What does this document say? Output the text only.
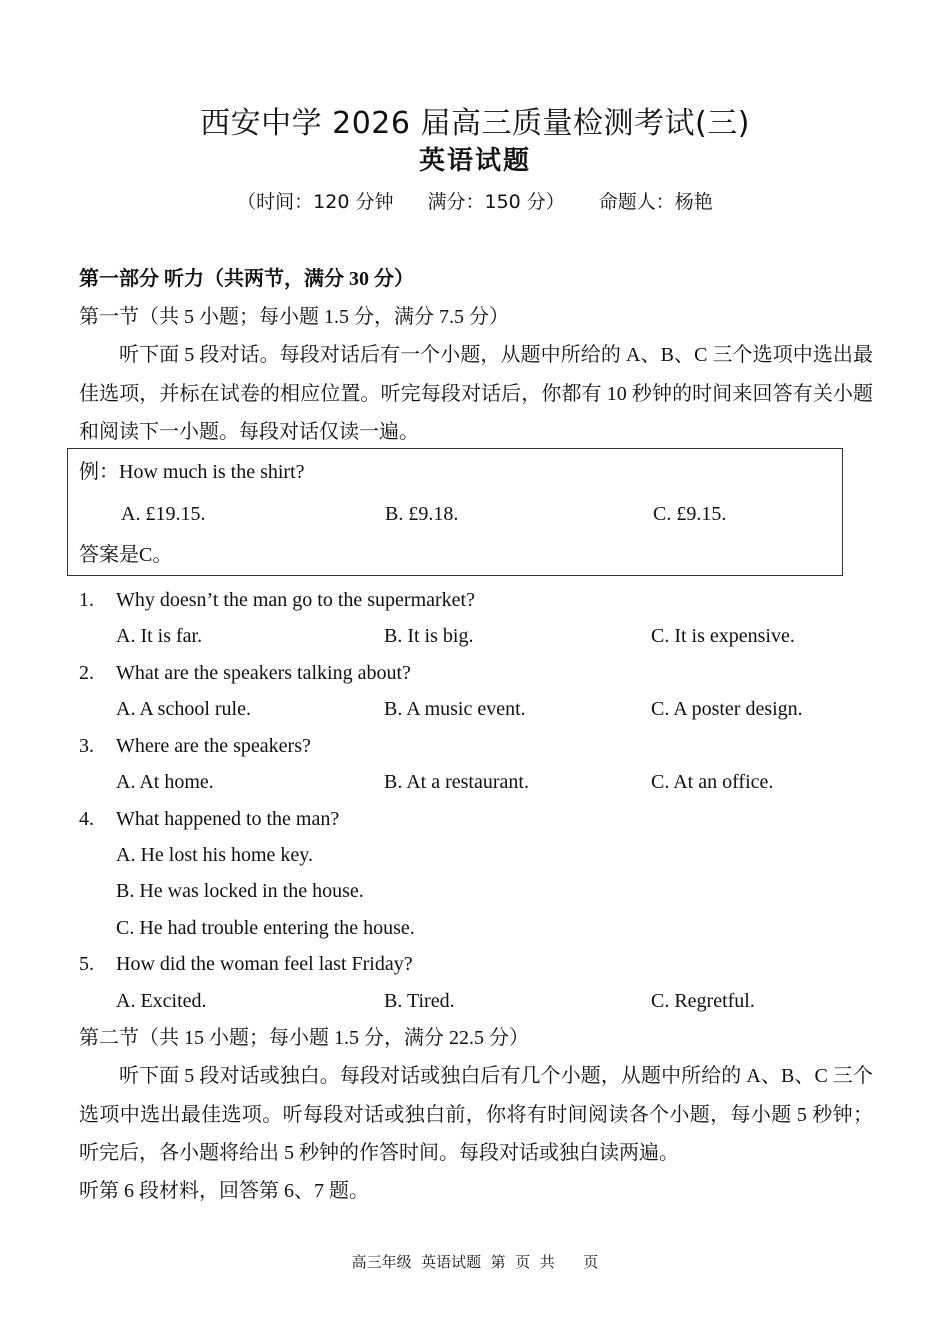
西安中学 2026 届高三质量检测考试(三)
英语试题
（时间：120 分钟 满分：150 分） 命题人：杨艳
第一部分 听力（共两节，满分 30 分）
第一节（共 5 小题；每小题 1.5 分，满分 7.5 分）
听下面 5 段对话。每段对话后有一个小题，从题中所给的 A、B、C 三个选项中选出最佳选项，并标在试卷的相应位置。听完每段对话后，你都有 10 秒钟的时间来回答有关小题和阅读下一小题。每段对话仅读一遍。
例：How much is the shirt?
A. £19.15.	B. £9.18.	C. £9.15.
答案是C。
1. Why doesn’t the man go to the supermarket?
A. It is far.	B. It is big.	C. It is expensive.
2. What are the speakers talking about?
A. A school rule.	B. A music event.	C. A poster design.
3. Where are the speakers?
A. At home.	B. At a restaurant.	C. At an office.
4. What happened to the man?
A. He lost his home key.
B. He was locked in the house.
C. He had trouble entering the house.
5. How did the woman feel last Friday?
A. Excited.	B. Tired.	C. Regretful.
第二节（共 15 小题；每小题 1.5 分，满分 22.5 分）
听下面 5 段对话或独白。每段对话或独白后有几个小题，从题中所给的 A、B、C 三个选项中选出最佳选项。听每段对话或独白前，你将有时间阅读各个小题，每小题 5 秒钟；听完后，各小题将给出 5 秒钟的作答时间。每段对话或独白读两遍。
听第 6 段材料，回答第 6、7 题。
高三年级  英语试题  第  页  共      页
